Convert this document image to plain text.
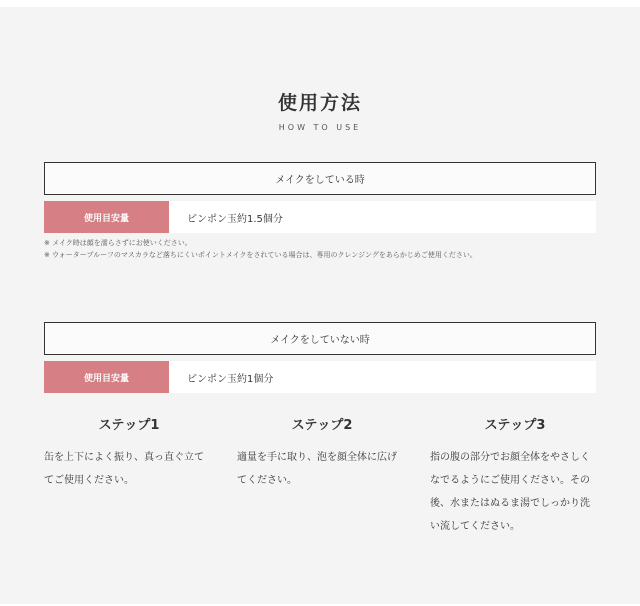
使用方法
HOW TO USE
メイクをしている時
使用目安量	ピンポン玉約1.5個分
※ メイク時は顔を濡らさずにお使いください。
※ ウォータープルーフのマスカラなど落ちにくいポイントメイクをされている場合は、専用のクレンジングをあらかじめご使用ください。
メイクをしていない時
使用目安量	ピンポン玉約1個分
ステップ1
缶を上下によく振り、真っ直ぐ立て
てご使用ください。
ステップ2
適量を手に取り、泡を顔全体に広げ
てください。
ステップ3
指の腹の部分でお顔全体をやさしく
なでるようにご使用ください。その
後、水またはぬるま湯でしっかり洗
い流してください。
